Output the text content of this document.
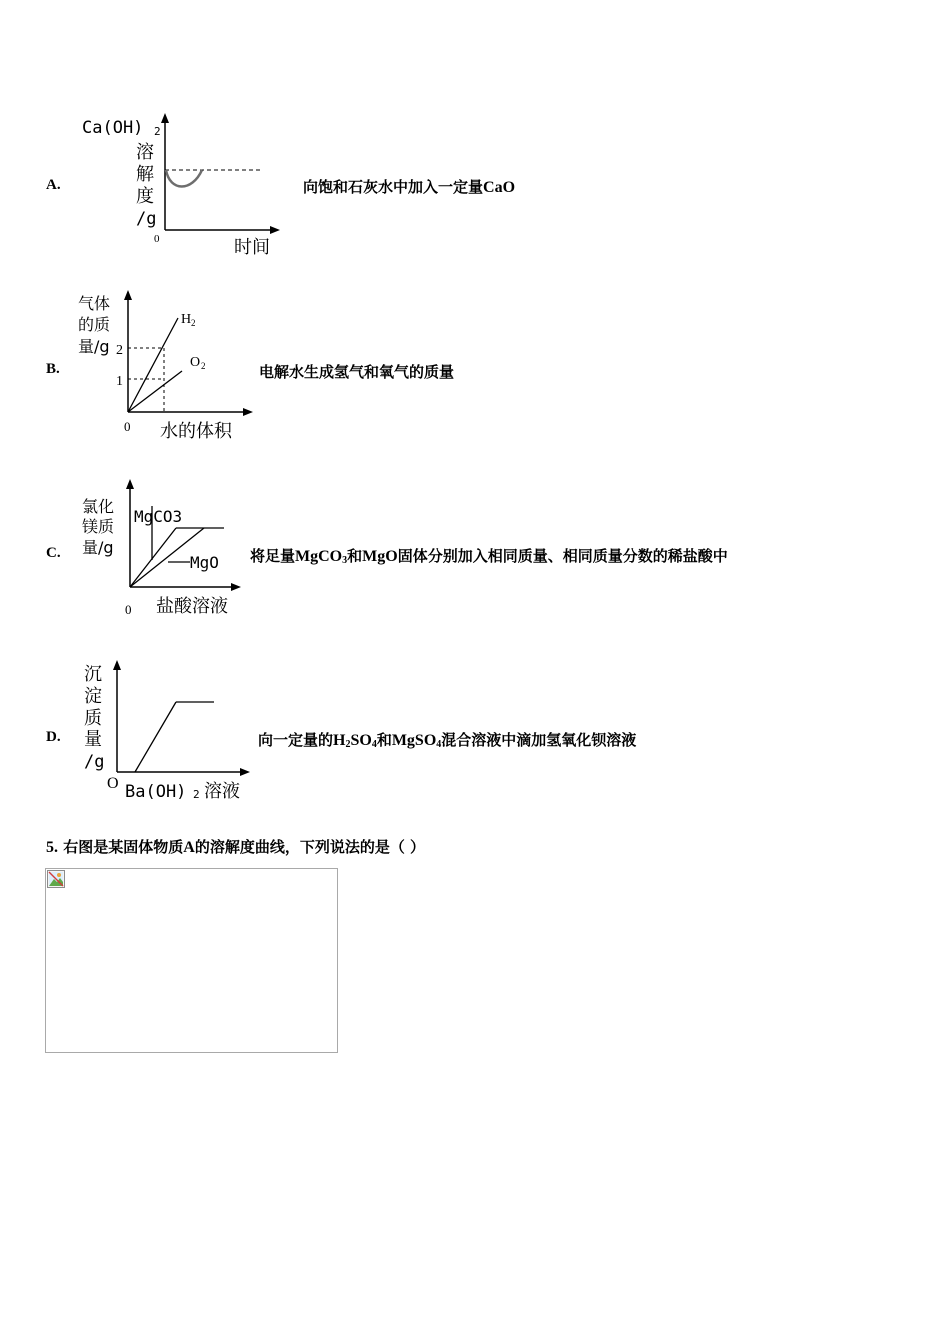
A.
Ca(OH) 2
溶
解
度
/g
0	时间
向饱和石灰水中加入一定量CaO
B.
气体
的质
量/g 2
1
H 2
O 2
0 水的体积
电解水生成氢气和氧气的质量
C.
氯化
镁质
量/g
MgCO3
MgO
0 盐酸溶液
将足量MgCO$_3$和MgO固体分别加入相同质量、相同质量分数的稀盐酸中
D.
沉
淀
质
量
/g
O Ba(OH) 2 溶液
向一定量的$H_2SO_4$和MgSO$_4$混合溶液中滴加氢氧化钡溶液
5. 右图是某固体物质A的溶解度曲线，下列说法的是（ ）
